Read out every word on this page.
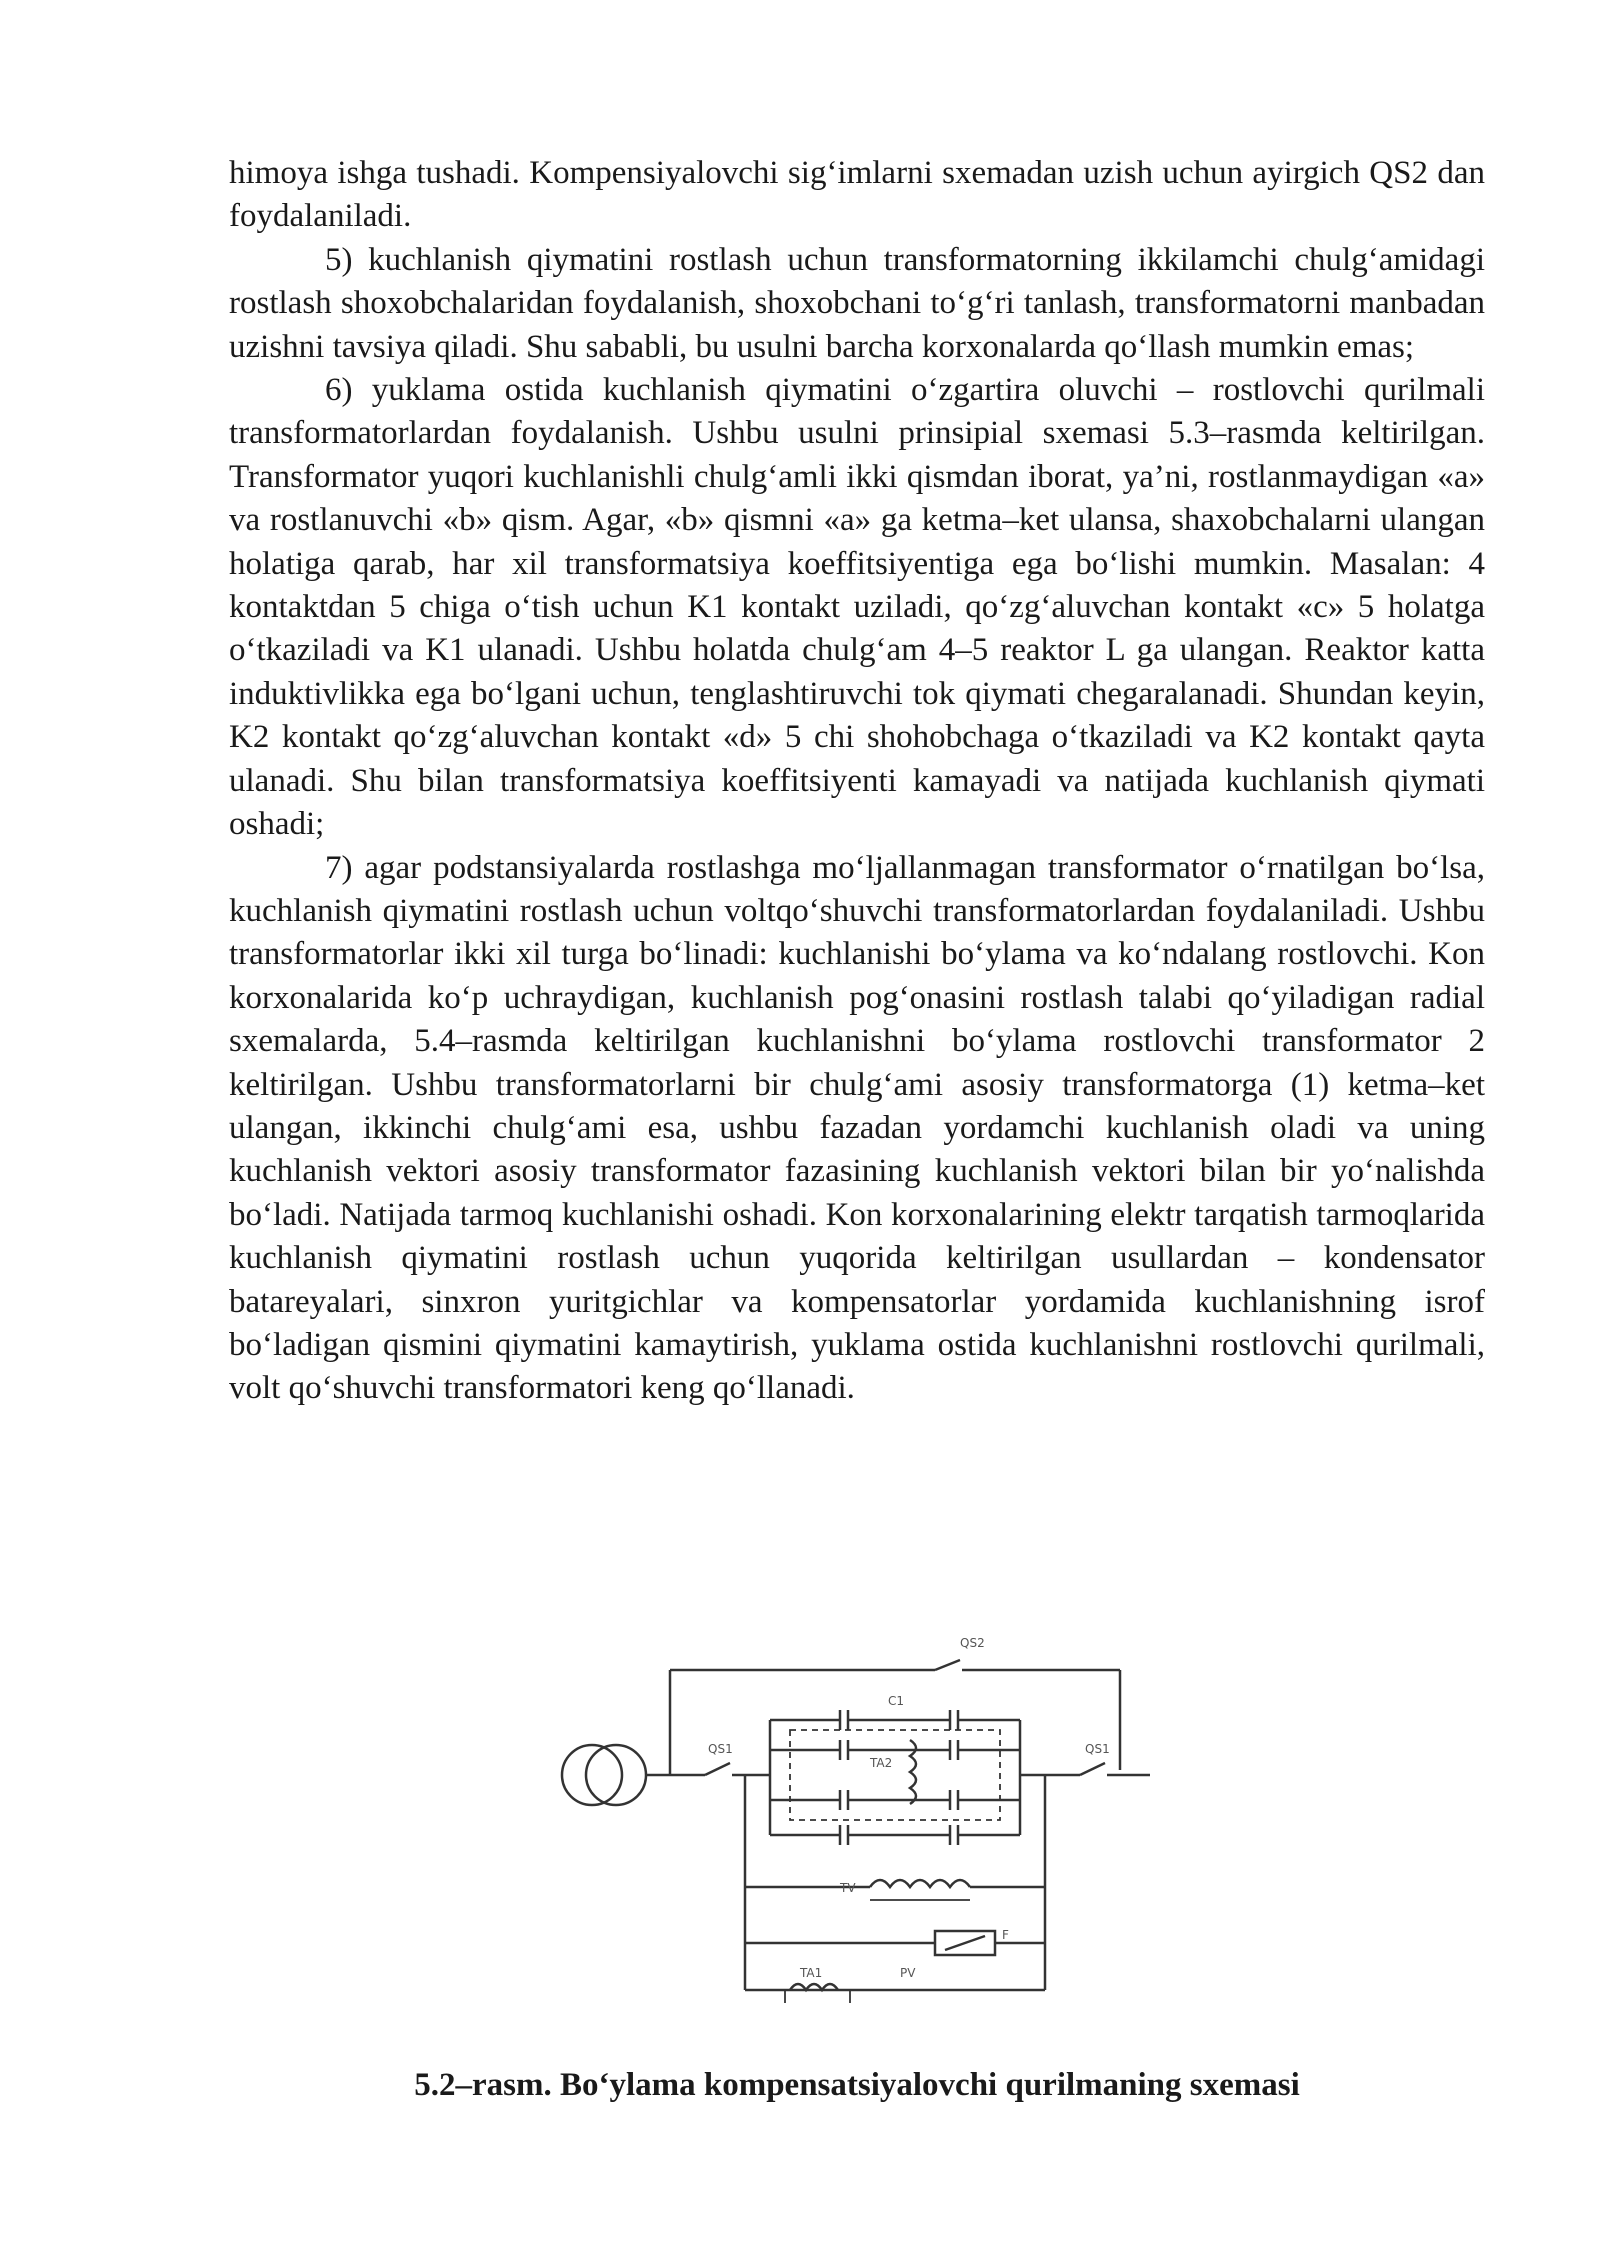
himoya ishga tushadi. Kompensiyalovchi sig‘imlarni sxemadan uzish uchun ayirgich QS2 dan foydalaniladi.

5) kuchlanish qiymatini rostlash uchun transformatorning ikkilamchi chulg‘amidagi rostlash shoxobchalaridan foydalanish, shoxobchani to‘g‘ri tanlash, transformatorni manbadan uzishni tavsiya qiladi. Shu sababli, bu usulni barcha korxonalarda qo‘llash mumkin emas;

6) yuklama ostida kuchlanish qiymatini o‘zgartira oluvchi – rostlovchi qurilmali transformatorlardan foydalanish. Ushbu usulni prinsipial sxemasi 5.3–rasmda keltirilgan. Transformator yuqori kuchlanishli chulg‘amli ikki qismdan iborat, ya’ni, rostlanmaydigan «a» va rostlanuvchi «b» qism. Agar, «b» qismni «a» ga ketma–ket ulansa, shaxobchalarni ulangan holatiga qarab, har xil transformatsiya koeffitsiyentiga ega bo‘lishi mumkin. Masalan: 4 kontaktdan 5 chiga o‘tish uchun K1 kontakt uziladi, qo‘zg‘aluvchan kontakt «c» 5 holatga o‘tkaziladi va K1 ulanadi. Ushbu holatda chulg‘am 4–5 reaktor L ga ulangan. Reaktor katta induktivlikka ega bo‘lgani uchun, tenglashtiruvchi tok qiymati chegaralanadi. Shundan keyin, K2 kontakt qo‘zg‘aluvchan kontakt «d» 5 chi shohobchaga o‘tkaziladi va K2 kontakt qayta ulanadi. Shu bilan transformatsiya koeffitsiyenti kamayadi va natijada kuchlanish qiymati oshadi;

7) agar podstansiyalarda rostlashga mo‘ljallanmagan transformator o‘rnatilgan bo‘lsa, kuchlanish qiymatini rostlash uchun voltqo‘shuvchi transformatorlardan foydalaniladi. Ushbu transformatorlar ikki xil turga bo‘linadi: kuchlanishi bo‘ylama va ko‘ndalang rostlovchi. Kon korxonalarida ko‘p uchraydigan, kuchlanish pog‘onasini rostlash talabi qo‘yiladigan radial sxemalarda, 5.4–rasmda keltirilgan kuchlanishni bo‘ylama rostlovchi transformator 2 keltirilgan. Ushbu transformatorlarni bir chulg‘ami asosiy transformatorga (1) ketma–ket ulangan, ikkinchi chulg‘ami esa, ushbu fazadan yordamchi kuchlanish oladi va uning kuchlanish vektori asosiy transformator fazasining kuchlanish vektori bilan bir yo‘nalishda bo‘ladi. Natijada tarmoq kuchlanishi oshadi. Kon korxonalarining elektr tarqatish tarmoqlarida kuchlanish qiymatini rostlash uchun yuqorida keltirilgan usullardan – kondensator batareyalari, sinxron yuritgichlar va kompensatorlar yordamida kuchlanishning isrof bo‘ladigan qismini qiymatini kamaytirish, yuklama ostida kuchlanishni rostlovchi qurilmali, volt qo‘shuvchi transformatori keng qo‘llanadi.

QS2
QS1	QS1
C1
TA2
TV
F
TA1	PV
5.2–rasm. Bo‘ylama kompensatsiyalovchi qurilmaning sxemasi
